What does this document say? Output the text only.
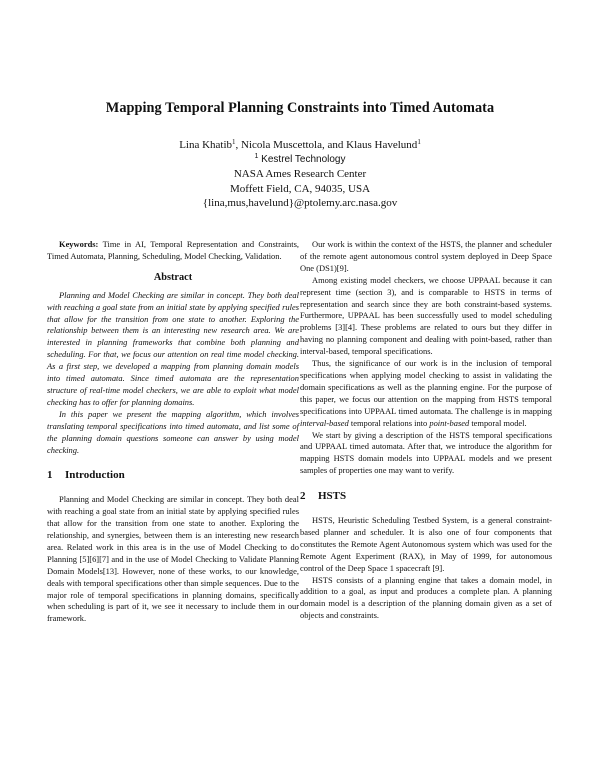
Mapping Temporal Planning Constraints into Timed Automata
Lina Khatib$^1$, Nicola Muscettola, and Klaus Havelund$^1$
$^1$ Kestrel Technology
NASA Ames Research Center
Moffett Field, CA, 94035, USA
{lina,mus,havelund}@ptolemy.arc.nasa.gov

Keywords: Time in AI, Temporal Representation and Constraints, Timed Automata, Planning, Scheduling, Model Checking, Validation.

Abstract

Planning and Model Checking are similar in concept. They both deal with reaching a goal state from an initial state by applying specified rules that allow for the transition from one state to another. Exploring the relationship between them is an interesting new research area. We are interested in planning frameworks that combine both planning and scheduling. For that, we focus our attention on real time model checking. As a first step, we developed a mapping from planning domain models into timed automata. Since timed automata are the representation structure of real-time model checkers, we are able to exploit what model checking has to offer for planning domains.

In this paper we present the mapping algorithm, which involves translating temporal specifications into timed automata, and list some of the planning domain questions someone can answer by using model checking.

1 Introduction

Planning and Model Checking are similar in concept. They both deal with reaching a goal state from an initial state by applying specified rules that allow for the transition from one state to another. Exploring the relationship, and synergies, between them is an interesting new research area. Related work in this area is in the use of Model Checking to do Planning [5][6][7] and in the use of Model Checking to Validate Planning Domain Models[13]. However, none of these works, to our knowledge, deals with temporal specifications other than simple sequences. Due to the major role of temporal specifications in planning domains, specifically when scheduling is part of it, we see it necessary to include them in our framework.

Our work is within the context of the HSTS, the planner and scheduler of the remote agent autonomous control system deployed in Deep Space One (DS1)[9].

Among existing model checkers, we choose UPPAAL because it can represent time (section 3), and is comparable to HSTS in terms of representation and search since they are both constraint-based systems. Furthermore, UPPAAL has been successfully used to model scheduling problems [3][4]. These problems are related to ours but they differ in having no planning component and dealing with point-based, rather than interval-based, temporal specifications.

Thus, the significance of our work is in the inclusion of temporal specifications when applying model checking to assist in validating the domain specifications as well as the planning engine. For the purpose of this paper, we focus our attention on the mapping from HSTS temporal specifications into UPPAAL timed automata. The challenge is in mapping interval-based temporal relations into point-based temporal model.

We start by giving a description of the HSTS temporal specifications and UPPAAL timed automata. After that, we introduce the algorithm for mapping HSTS domain models into UPPAAL models and we present samples of properties one may want to verify.

2 HSTS

HSTS, Heuristic Scheduling Testbed System, is a general constraint-based planner and scheduler. It is also one of four components that constitutes the Remote Agent Autonomous system which was used for the Remote Agent Experiment (RAX), in May of 1999, for autonomous control of the Deep Space 1 spacecraft [9].

HSTS consists of a planning engine that takes a domain model, in addition to a goal, as input and produces a complete plan. A planning domain model is a description of the planning domain given as a set of objects and constraints.
